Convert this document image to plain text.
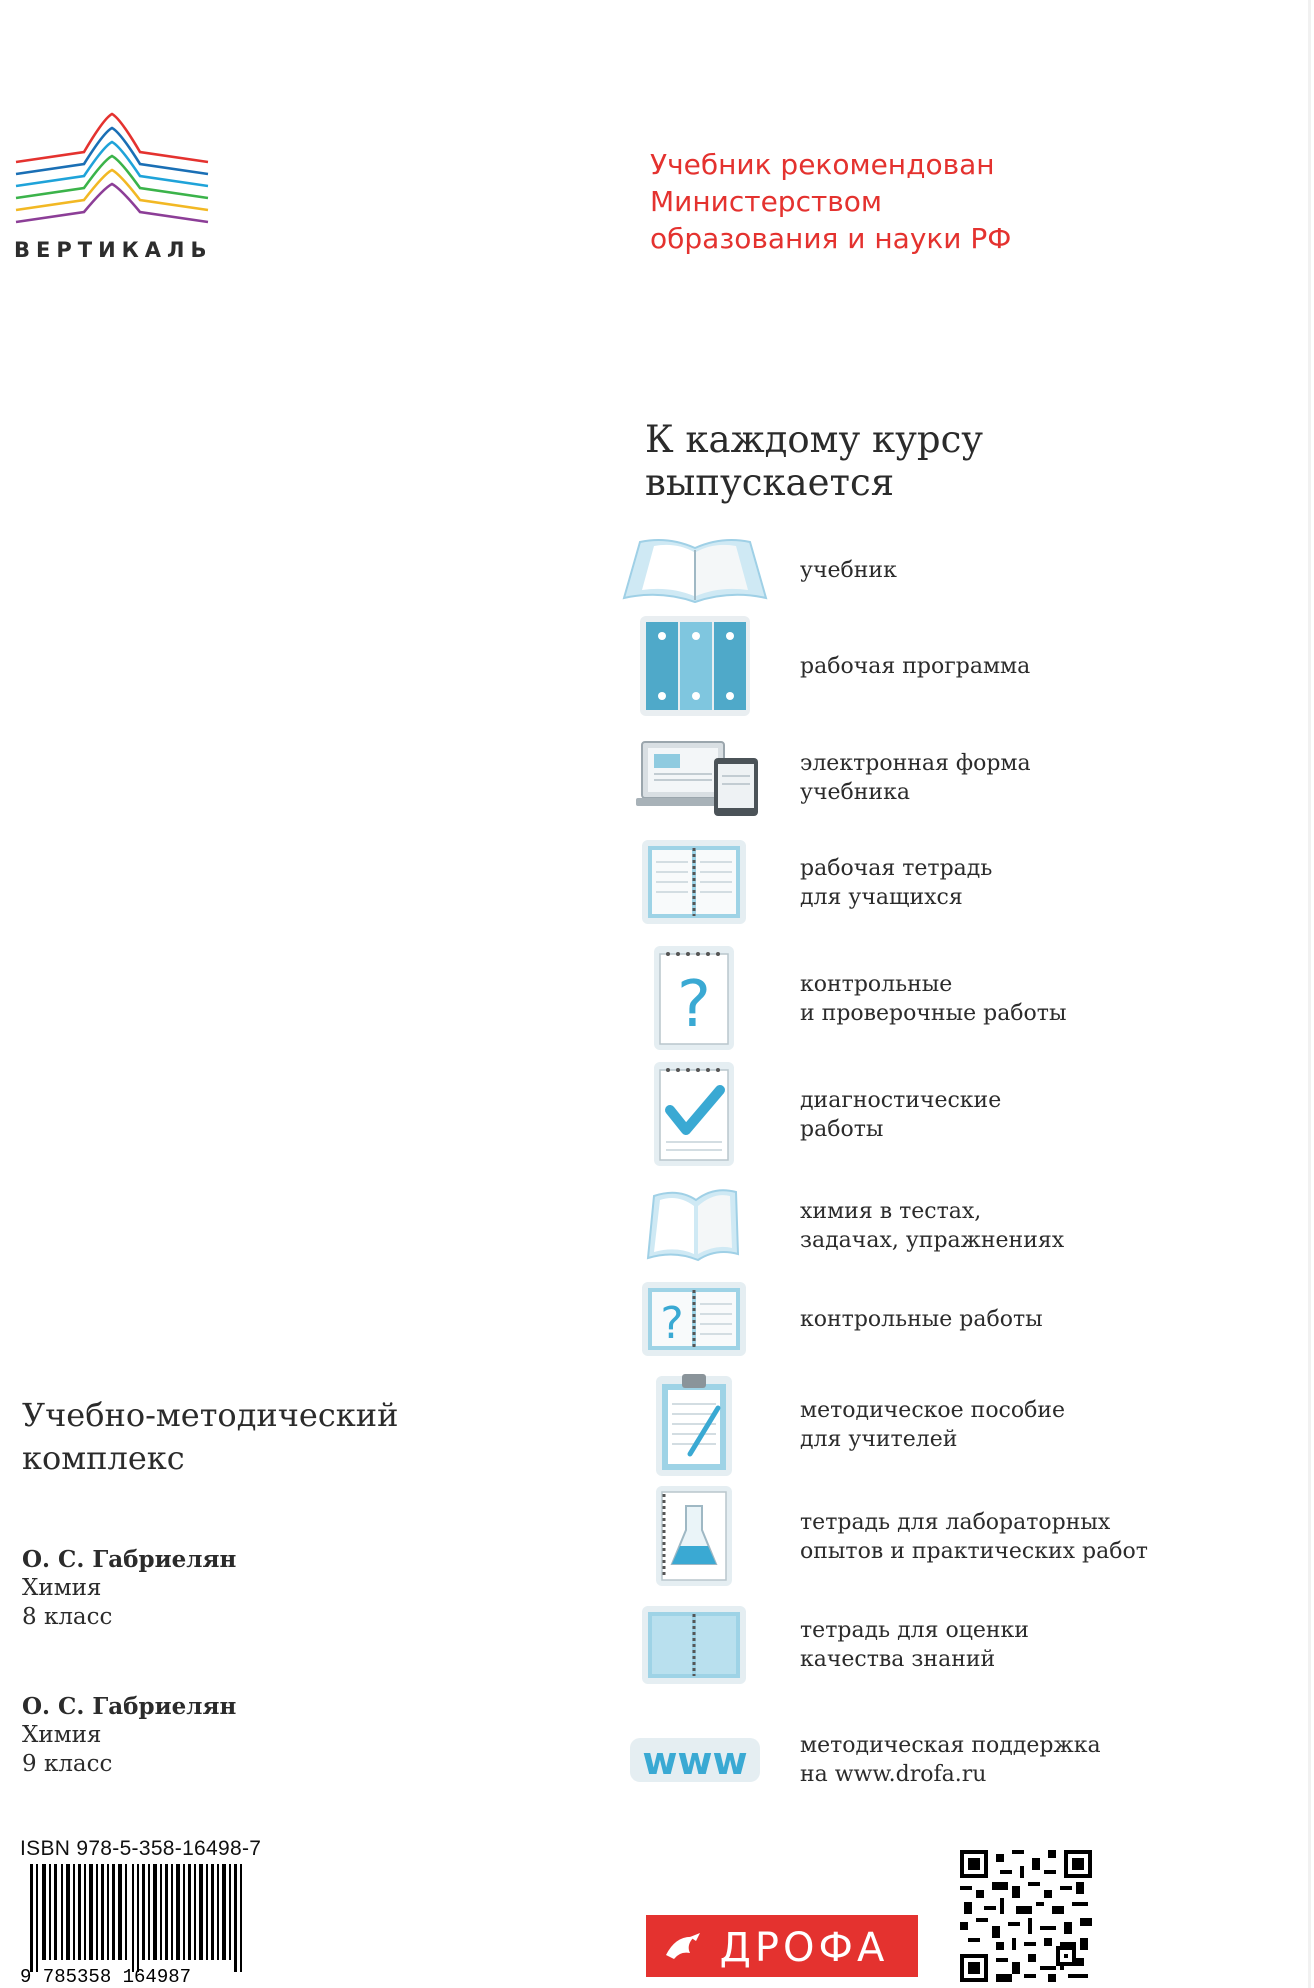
ВЕРТИКАЛЬ
Учебник рекомендован
Министерством
образования и науки РФ
К каждому курсу
выпускается
учебник
рабочая программа
электронная форма
учебника
рабочая тетрадь
для учащихся
?	контрольные
и проверочные работы
диагностические
работы
химия в тестах,
задачах, упражнениях
?	контрольные работы
методическое пособие
для учителей
тетрадь для лабораторных
опытов и практических работ
тетрадь для оценки
качества знаний
www методическая поддержка
на www.drofa.ru
Учебно-методический
комплекс
О. С. Габриелян
Химия
8 класс
О. С. Габриелян
Химия
9 класс
ISBN 978-5-358-16498-7
9 785358 164987
ДРОФА
